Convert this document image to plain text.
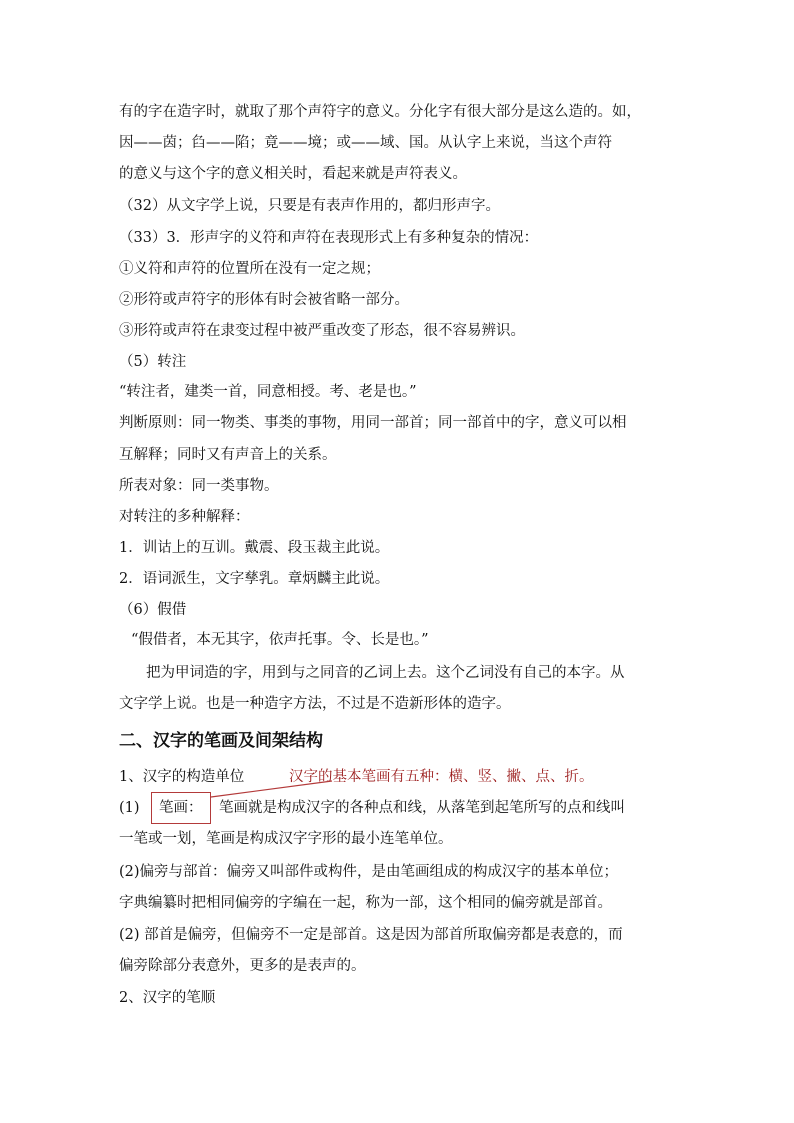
有的字在造字时，就取了那个声符字的意义。分化字有很大部分是这么造的。如，
因——茵；臽——陷；竟——境；或——域、国。从认字上来说，当这个声符
的意义与这个字的意义相关时，看起来就是声符表义。
（32）从文字学上说，只要是有表声作用的，都归形声字。
（33）3．形声字的义符和声符在表现形式上有多种复杂的情况：
①义符和声符的位置所在没有一定之规；
②形符或声符字的形体有时会被省略一部分。
③形符或声符在隶变过程中被严重改变了形态，很不容易辨识。
（5）转注
“转注者，建类一首，同意相授。考、老是也。”
判断原则：同一物类、事类的事物，用同一部首；同一部首中的字，意义可以相
互解释；同时又有声音上的关系。
所表对象：同一类事物。
对转注的多种解释：
1．训诂上的互训。戴震、段玉裁主此说。
2．语词派生，文字孳乳。章炳麟主此说。
（6）假借
“假借者，本无其字，依声托事。令、长是也。”
把为甲词造的字，用到与之同音的乙词上去。这个乙词没有自己的本字。从
文字学上说。也是一种造字方法，不过是不造新形体的造字。
二、汉字的笔画及间架结构
1、汉字的构造单位	汉字的基本笔画有五种：横、竖、撇、点、折。
(1)	笔画：	笔画就是构成汉字的各种点和线，从落笔到起笔所写的点和线叫
一笔或一划，笔画是构成汉字字形的最小连笔单位。
(2)偏旁与部首：偏旁又叫部件或构件，是由笔画组成的构成汉字的基本单位；
字典编纂时把相同偏旁的字编在一起，称为一部，这个相同的偏旁就是部首。
(2) 部首是偏旁，但偏旁不一定是部首。这是因为部首所取偏旁都是表意的，而
偏旁除部分表意外，更多的是表声的。
2、汉字的笔顺
